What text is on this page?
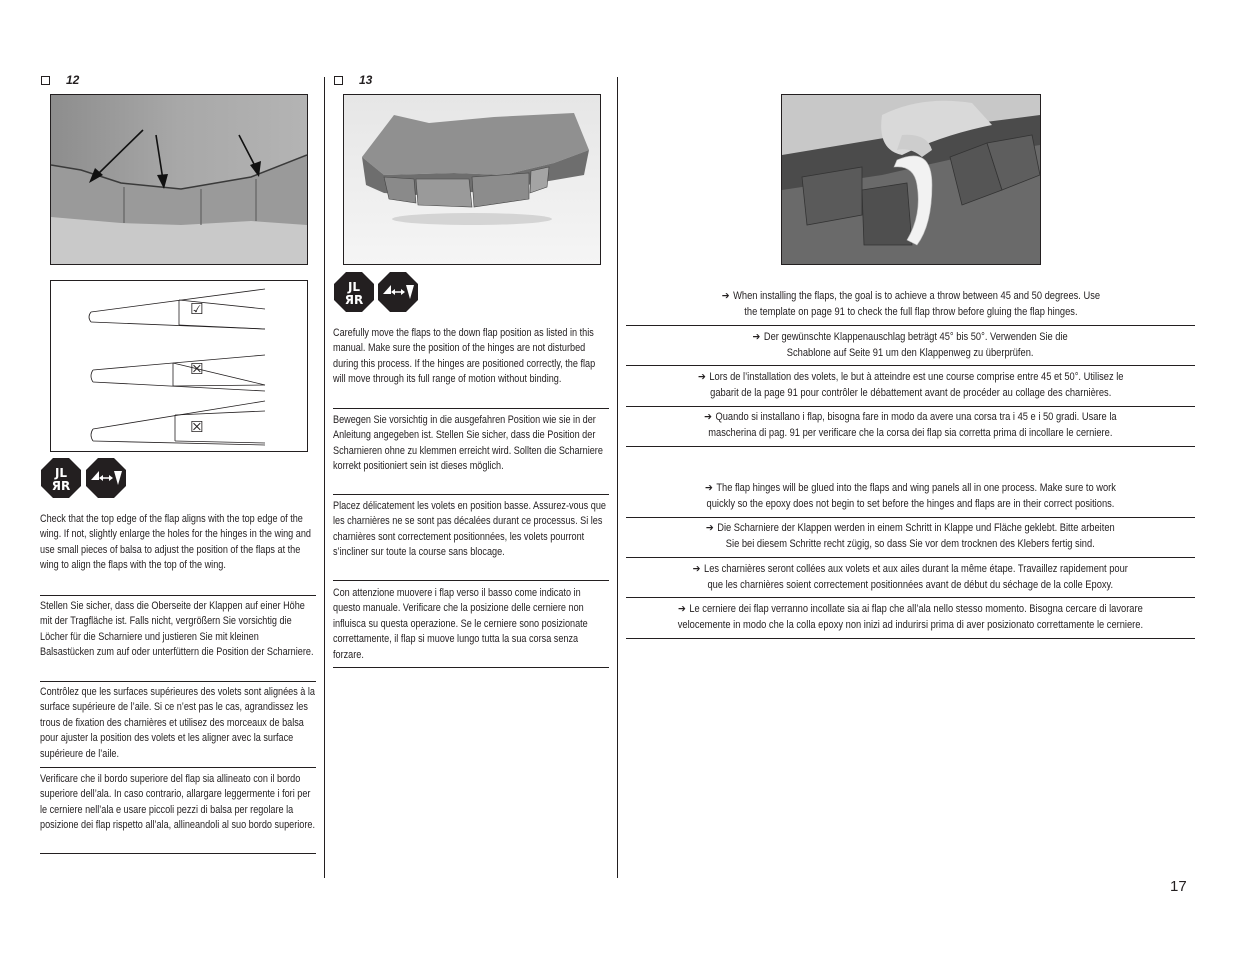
12
☑
☒
☒
JL
ЯR
Check that the top edge of the flap aligns with the top edge of the wing. If not, slightly enlarge the holes for the hinges in the wing and use small pieces of balsa to adjust the position of the flaps at the wing to align the flaps with the top of the wing.
Stellen Sie sicher, dass die Oberseite der Klappen auf einer Höhe mit der Tragfläche ist. Falls nicht, vergrößern Sie vorsichtig die Löcher für die Scharniere und justieren Sie mit kleinen Balsastücken zum auf oder unterfüttern die Position der Scharniere.
Contrôlez que les surfaces supérieures des volets sont alignées à la surface supérieure de l’aile. Si ce n’est pas le cas, agrandissez les trous de fixation des charnières et utilisez des morceaux de balsa pour ajuster la position des volets et les aligner avec la surface supérieure de l’aile.
Verificare che il bordo superiore del flap sia allineato con il bordo superiore dell’ala. In caso contrario, allargare leggermente i fori per le cerniere nell’ala e usare piccoli pezzi di balsa per regolare la posizione dei flap rispetto all’ala, allineandoli al suo bordo superiore.
13
JL
ЯR
Carefully move the flaps to the down flap position as listed in this manual. Make sure the position of the hinges are not disturbed during this process. If the hinges are positioned correctly, the flap will move through its full range of motion without binding.
Bewegen Sie vorsichtig in die ausgefahren Position wie sie in der Anleitung angegeben ist. Stellen Sie sicher, dass die Position der Scharnieren ohne zu klemmen erreicht wird. Sollten die Scharniere korrekt positioniert sein ist dieses möglich.
Placez délicatement les volets en position basse. Assurez-vous que les charnières ne se sont pas décalées durant ce processus. Si les charnières sont correctement positionnées, les volets pourront s’incliner sur toute la course sans blocage.
Con attenzione muovere i flap verso il basso come indicato in questo manuale. Verificare che la posizione delle cerniere non influisca su questa operazione. Se le cerniere sono posizionate correttamente, il flap si muove lungo tutta la sua corsa senza forzare.
➔ When installing the flaps, the goal is to achieve a throw between 45 and 50 degrees. Use
the template on page 91 to check the full flap throw before gluing the flap hinges.
➔ Der gewünschte Klappenauschlag beträgt 45° bis 50°. Verwenden Sie die
Schablone auf Seite 91 um den Klappenweg zu überprüfen.
➔ Lors de l’installation des volets, le but à atteindre est une course comprise entre 45 et 50°. Utilisez le
gabarit de la page 91 pour contrôler le débattement avant de procéder au collage des charnières.
➔ Quando si installano i flap, bisogna fare in modo da avere una corsa tra i 45 e i 50 gradi. Usare la
mascherina di pag. 91 per verificare che la corsa dei flap sia corretta prima di incollare le cerniere.
➔ The flap hinges will be glued into the flaps and wing panels all in one process. Make sure to work
quickly so the epoxy does not begin to set before the hinges and flaps are in their correct positions.
➔ Die Scharniere der Klappen werden in einem Schritt in Klappe und Fläche geklebt. Bitte arbeiten
Sie bei diesem Schritte recht zügig, so dass Sie vor dem trocknen des Klebers fertig sind.
➔ Les charnières seront collées aux volets et aux ailes durant la même étape. Travaillez rapidement pour
que les charnières soient correctement positionnées avant de début du séchage de la colle Epoxy.
➔ Le cerniere dei flap verranno incollate sia ai flap che all’ala nello stesso momento. Bisogna cercare di lavorare
velocemente in modo che la colla epoxy non inizi ad indurirsi prima di aver posizionato correttamente le cerniere.
17
